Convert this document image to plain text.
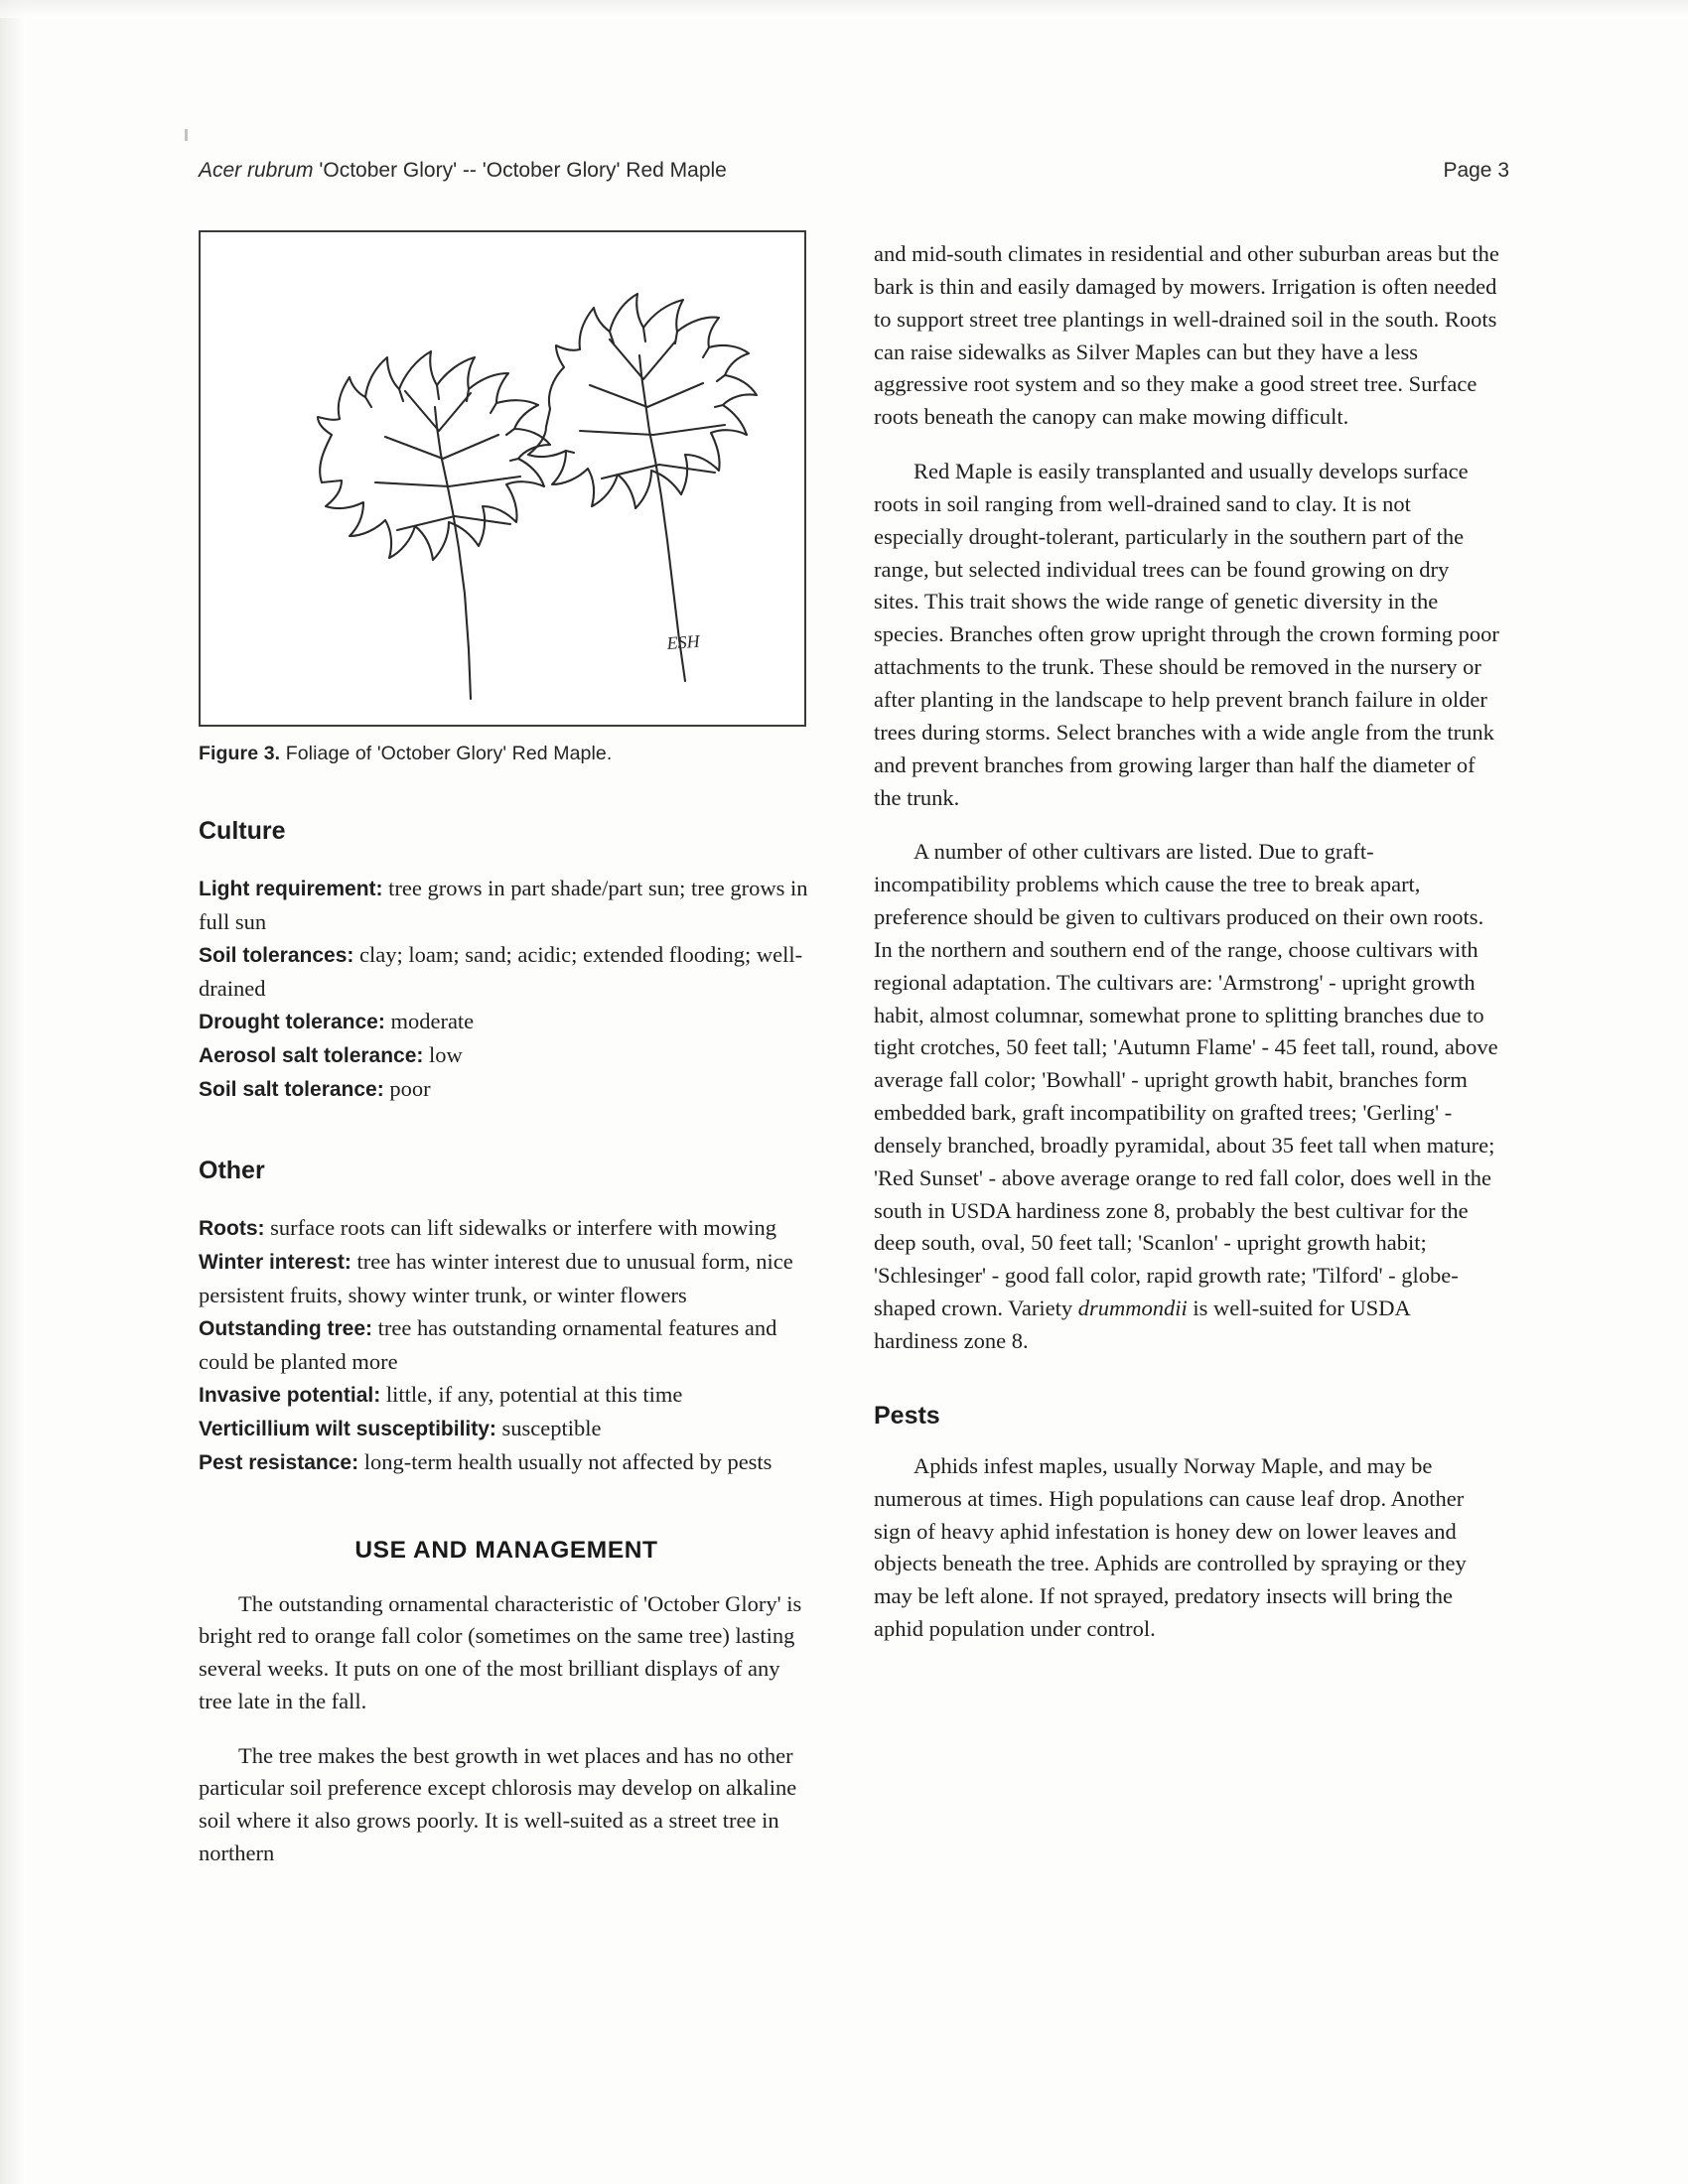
Acer rubrum 'October Glory' -- 'October Glory' Red Maple	Page 3
ESH
Figure 3. Foliage of 'October Glory' Red Maple.
Culture

Light requirement: tree grows in part shade/part sun; tree grows in full sun

Soil tolerances: clay; loam; sand; acidic; extended flooding; well-drained

Drought tolerance: moderate

Aerosol salt tolerance: low

Soil salt tolerance: poor

Other

Roots: surface roots can lift sidewalks or interfere with mowing

Winter interest: tree has winter interest due to unusual form, nice persistent fruits, showy winter trunk, or winter flowers

Outstanding tree: tree has outstanding ornamental features and could be planted more

Invasive potential: little, if any, potential at this time

Verticillium wilt susceptibility: susceptible

Pest resistance: long-term health usually not affected by pests

USE AND MANAGEMENT

The outstanding ornamental characteristic of 'October Glory' is bright red to orange fall color (sometimes on the same tree) lasting several weeks. It puts on one of the most brilliant displays of any tree late in the fall.

The tree makes the best growth in wet places and has no other particular soil preference except chlorosis may develop on alkaline soil where it also grows poorly. It is well-suited as a street tree in northern

and mid-south climates in residential and other suburban areas but the bark is thin and easily damaged by mowers. Irrigation is often needed to support street tree plantings in well-drained soil in the south. Roots can raise sidewalks as Silver Maples can but they have a less aggressive root system and so they make a good street tree. Surface roots beneath the canopy can make mowing difficult.

Red Maple is easily transplanted and usually develops surface roots in soil ranging from well-drained sand to clay. It is not especially drought-tolerant, particularly in the southern part of the range, but selected individual trees can be found growing on dry sites. This trait shows the wide range of genetic diversity in the species. Branches often grow upright through the crown forming poor attachments to the trunk. These should be removed in the nursery or after planting in the landscape to help prevent branch failure in older trees during storms. Select branches with a wide angle from the trunk and prevent branches from growing larger than half the diameter of the trunk.

A number of other cultivars are listed. Due to graft-incompatibility problems which cause the tree to break apart, preference should be given to cultivars produced on their own roots. In the northern and southern end of the range, choose cultivars with regional adaptation. The cultivars are: 'Armstrong' - upright growth habit, almost columnar, somewhat prone to splitting branches due to tight crotches, 50 feet tall; 'Autumn Flame' - 45 feet tall, round, above average fall color; 'Bowhall' - upright growth habit, branches form embedded bark, graft incompatibility on grafted trees; 'Gerling' - densely branched, broadly pyramidal, about 35 feet tall when mature; 'Red Sunset' - above average orange to red fall color, does well in the south in USDA hardiness zone 8, probably the best cultivar for the deep south, oval, 50 feet tall; 'Scanlon' - upright growth habit; 'Schlesinger' - good fall color, rapid growth rate; 'Tilford' - globe-shaped crown. Variety drummondii is well-suited for USDA hardiness zone 8.

Pests

Aphids infest maples, usually Norway Maple, and may be numerous at times. High populations can cause leaf drop. Another sign of heavy aphid infestation is honey dew on lower leaves and objects beneath the tree. Aphids are controlled by spraying or they may be left alone. If not sprayed, predatory insects will bring the aphid population under control.
